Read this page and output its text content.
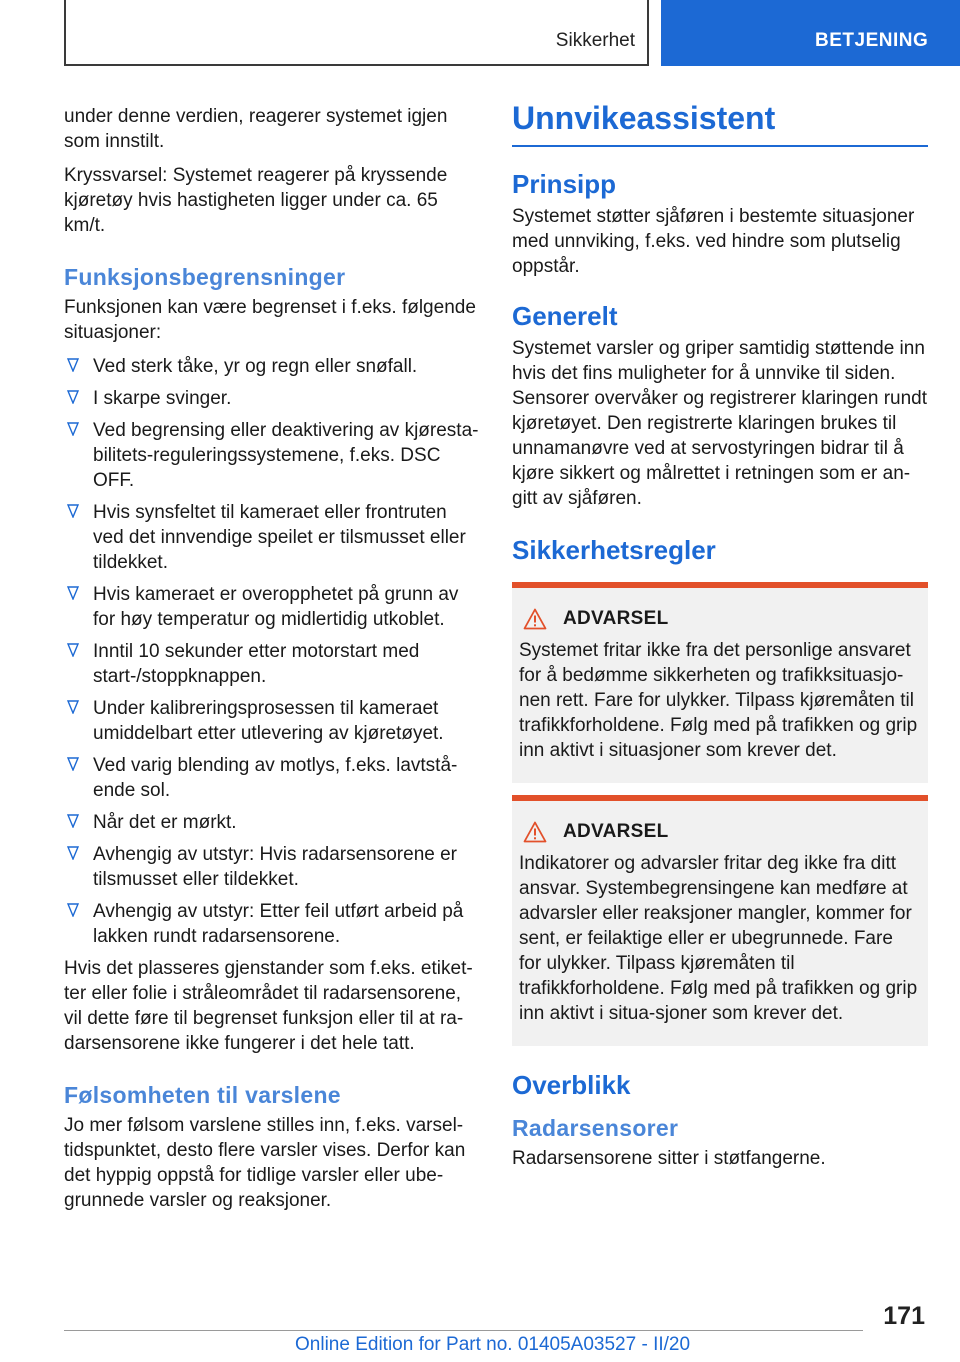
Sikkerhet	BETJENING

under denne verdien, reagerer systemet igjen som innstilt.

Kryssvarsel: Systemet reagerer på kryssende kjøretøy hvis hastigheten ligger under ca. 65 km/t.

Funksjonsbegrensninger

Funksjonen kan være begrenset i f.eks. følgende situasjoner:

Ved sterk tåke, yr og regn eller snøfall.
I skarpe svinger.
Ved begrensing eller deaktivering av kjøresta-bilitets-reguleringssystemene, f.eks. DSC OFF.
Hvis synsfeltet til kameraet eller frontruten ved det innvendige speilet er tilsmusset eller tildekket.
Hvis kameraet er overopphetet på grunn av for høy temperatur og midlertidig utkoblet.
Inntil 10 sekunder etter motorstart med start-/stoppknappen.
Under kalibreringsprosessen til kameraet umiddelbart etter utlevering av kjøretøyet.
Ved varig blending av motlys, f.eks. lavtstå-ende sol.
Når det er mørkt.
Avhengig av utstyr: Hvis radarsensorene er tilsmusset eller tildekket.
Avhengig av utstyr: Etter feil utført arbeid på lakken rundt radarsensorene.

Hvis det plasseres gjenstander som f.eks. etiket-ter eller folie i stråleområdet til radarsensorene, vil dette føre til begrenset funksjon eller til at ra-darsensorene ikke fungerer i det hele tatt.

Følsomheten til varslene

Jo mer følsom varslene stilles inn, f.eks. varsel-tidspunktet, desto flere varsler vises. Derfor kan det hyppig oppstå for tidlige varsler eller ube-grunnede varsler og reaksjoner.

Unnvikeassistent
Prinsipp

Systemet støtter sjåføren i bestemte situasjoner med unnviking, f.eks. ved hindre som plutselig oppstår.

Generelt

Systemet varsler og griper samtidig støttende inn hvis det fins muligheter for å unnvike til siden. Sensorer overvåker og registrerer klaringen rundt kjøretøyet. Den registrerte klaringen brukes til unnamanøvre ved at servostyringen bidrar til å kjøre sikkert og målrettet i retningen som er an-gitt av sjåføren.

Sikkerhetsregler
ADVARSEL

Systemet fritar ikke fra det personlige ansvaret for å bedømme sikkerheten og trafikksituasjo-nen rett. Fare for ulykker. Tilpass kjøremåten til trafikkforholdene. Følg med på trafikken og grip inn aktivt i situasjoner som krever det.

ADVARSEL

Indikatorer og advarsler fritar deg ikke fra ditt ansvar. Systembegrensingene kan medføre at advarsler eller reaksjoner mangler, kommer for sent, er feilaktige eller er ubegrunnede. Fare for ulykker. Tilpass kjøremåten til trafikkforholdene. Følg med på trafikken og grip inn aktivt i situa-sjoner som krever det.

Overblikk
Radarsensorer

Radarsensorene sitter i støtfangerne.

171
Online Edition for Part no. 01405A03527 - II/20
